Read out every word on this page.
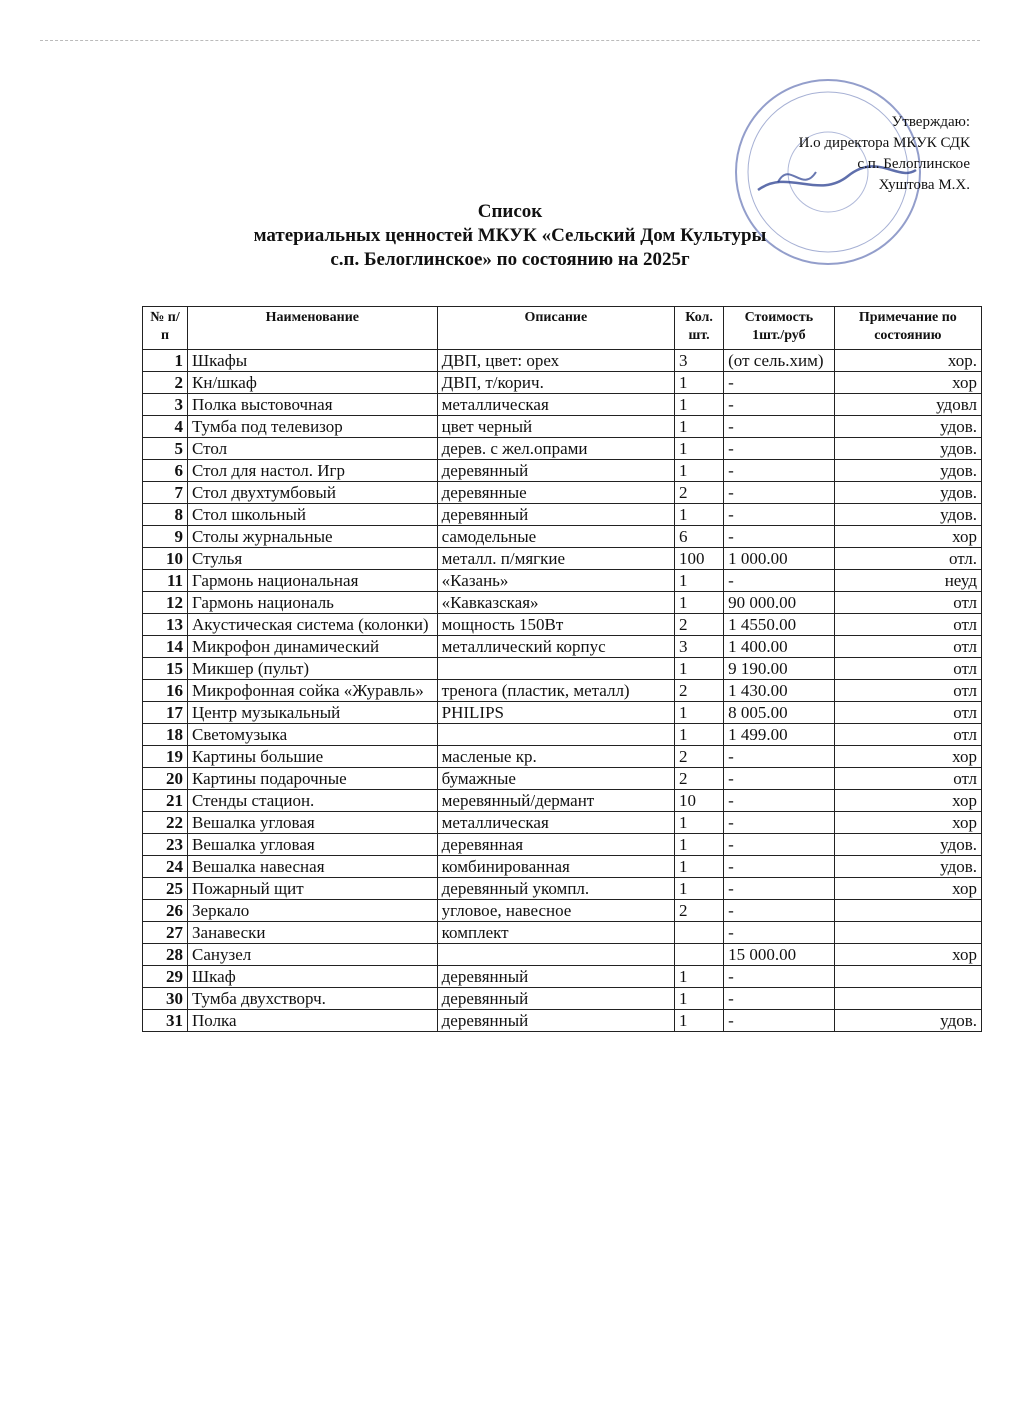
Утверждаю:
И.о директора МКУК СДК
с.п. Белоглинское
Хуштова М.Х.
Список
материальных ценностей МКУК «Сельский Дом Культуры
с.п. Белоглинское» по состоянию на 2025г
№ п/п	Наименование	Описание	Кол. шт.	Стоимость 1шт./руб	Примечание по состоянию
1	Шкафы	ДВП, цвет: орех	3	(от сель.хим)	хор.
2	Кн/шкаф	ДВП, т/корич.	1	-	хор
3	Полка выстовочная	металлическая	1	-	удовл
4	Тумба под телевизор	цвет черный	1	-	удов.
5	Стол	дерев. с жел.опрами	1	-	удов.
6	Стол для настол. Игр	деревянный	1	-	удов.
7	Стол двухтумбовый	деревянные	2	-	удов.
8	Стол школьный	деревянный	1	-	удов.
9	Столы журнальные	самодельные	6	-	хор
10	Стулья	металл. п/мягкие	100	1 000.00	отл.
11	Гармонь национальная	«Казань»	1	-	неуд
12	Гармонь националь	«Кавказская»	1	90 000.00	отл
13	Акустическая система (колонки)	мощность 150Вт	2	1 4550.00	отл
14	Микрофон динамический	металлический корпус	3	1 400.00	отл
15	Микшер (пульт)		1	9 190.00	отл
16	Микрофонная сойка «Журавль»	тренога (пластик, металл)	2	1 430.00	отл
17	Центр музыкальный	PHILIPS	1	8 005.00	отл
18	Светомузыка		1	1 499.00	отл
19	Картины большие	масленые кр.	2	-	хор
20	Картины подарочные	бумажные	2	-	отл
21	Стенды стацион.	меревянный/дермант	10	-	хор
22	Вешалка угловая	металлическая	1	-	хор
23	Вешалка угловая	деревянная	1	-	удов.
24	Вешалка навесная	комбинированная	1	-	удов.
25	Пожарный щит	деревянный укомпл.	1	-	хор
26	Зеркало	угловое, навесное	2	-	
27	Занавески	комплект		-	
28	Санузел			15 000.00	хор
29	Шкаф	деревянный	1	-	
30	Тумба двухстворч.	деревянный	1	-	
31	Полка	деревянный	1	-	удов.
